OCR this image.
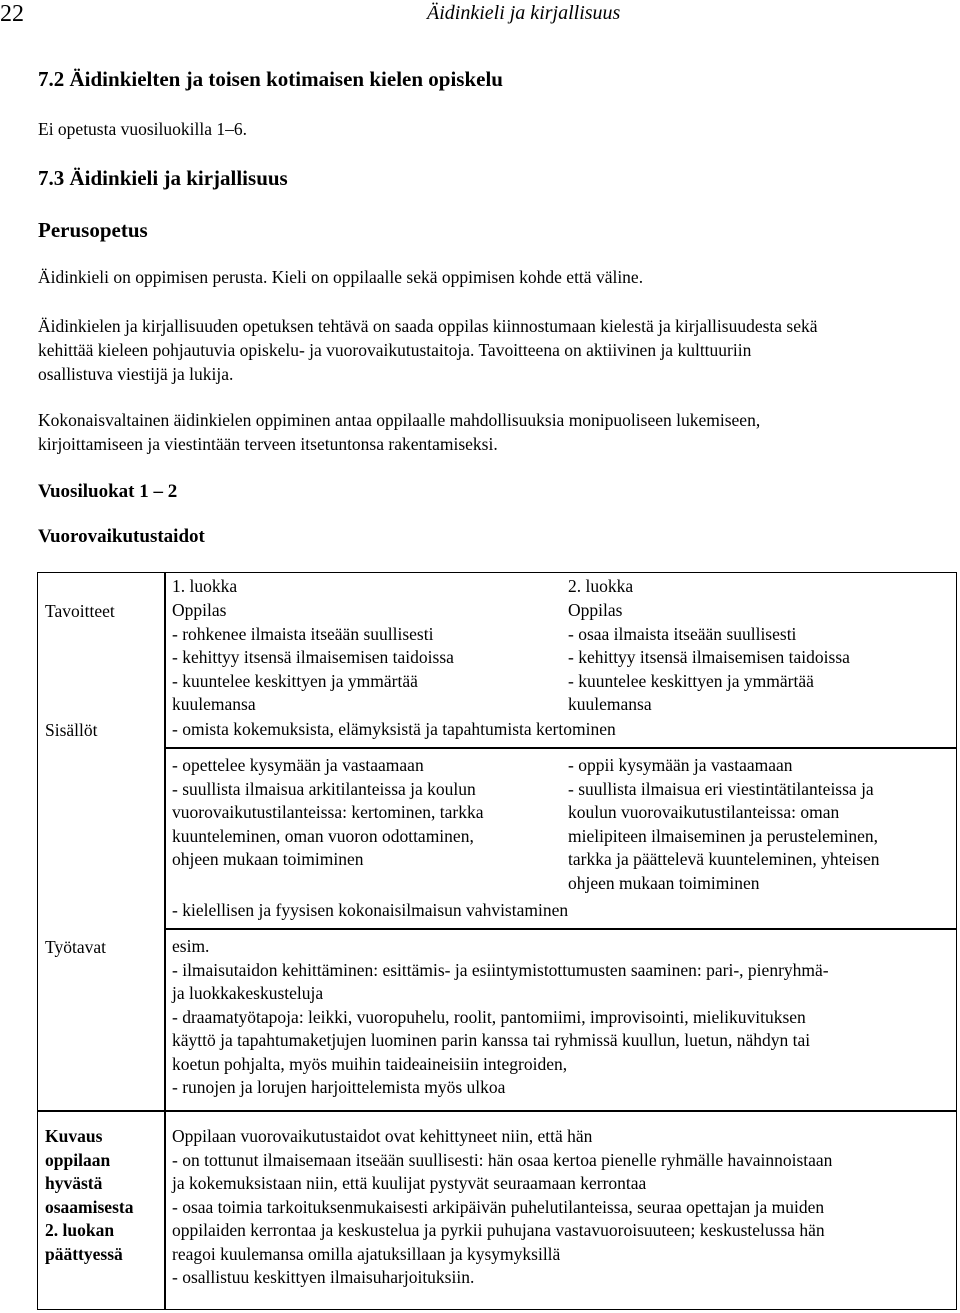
22	Äidinkieli ja kirjallisuus
7.2 Äidinkielten ja toisen kotimaisen kielen opiskelu
Ei opetusta vuosiluokilla 1–6.
7.3 Äidinkieli ja kirjallisuus
Perusopetus
Äidinkieli on oppimisen perusta. Kieli on oppilaalle sekä oppimisen kohde että väline.
Äidinkielen ja kirjallisuuden opetuksen tehtävä on saada oppilas kiinnostumaan kielestä ja kirjallisuudesta sekä
kehittää kieleen pohjautuvia opiskelu- ja vuorovaikutustaitoja. Tavoitteena on aktiivinen ja kulttuuriin
osallistuva viestijä ja lukija.
Kokonaisvaltainen äidinkielen oppiminen antaa oppilaalle mahdollisuuksia monipuoliseen lukemiseen,
kirjoittamiseen ja viestintään terveen itsetuntonsa rakentamiseksi.
Vuosiluokat 1 – 2
Vuorovaikutustaidot
1. luokka	2. luokka
Tavoitteet
Sisällöt
Työtavat
Kuvaus
oppilaan
hyvästä
osaamisesta
2. luokan
päättyessä
Oppilas
- rohkenee ilmaista itseään suullisesti
- kehittyy itsensä ilmaisemisen taidoissa
- kuuntelee keskittyen ja ymmärtää
kuulemansa
Oppilas
- osaa ilmaista itseään suullisesti
- kehittyy itsensä ilmaisemisen taidoissa
- kuuntelee keskittyen ja ymmärtää
kuulemansa
- omista kokemuksista, elämyksistä ja tapahtumista kertominen
- opettelee kysymään ja vastaamaan
- suullista ilmaisua arkitilanteissa ja koulun
vuorovaikutustilanteissa: kertominen, tarkka
kuunteleminen, oman vuoron odottaminen,
ohjeen mukaan toimiminen
- oppii kysymään ja vastaamaan
- suullista ilmaisua eri viestintätilanteissa ja
koulun vuorovaikutustilanteissa: oman
mielipiteen ilmaiseminen ja perusteleminen,
tarkka ja päättelevä kuunteleminen, yhteisen
ohjeen mukaan toimiminen
- kielellisen ja fyysisen kokonaisilmaisun vahvistaminen
esim.
- ilmaisutaidon kehittäminen: esittämis- ja esiintymistottumusten saaminen: pari-, pienryhmä-
ja luokkakeskusteluja
- draamatyötapoja: leikki, vuoropuhelu, roolit, pantomiimi, improvisointi, mielikuvituksen
käyttö ja tapahtumaketjujen luominen parin kanssa tai ryhmissä kuullun, luetun, nähdyn tai
koetun pohjalta, myös muihin taideaineisiin integroiden,
- runojen ja lorujen harjoittelemista myös ulkoa
Oppilaan vuorovaikutustaidot ovat kehittyneet niin, että hän
- on tottunut ilmaisemaan itseään suullisesti: hän osaa kertoa pienelle ryhmälle havainnoistaan
ja kokemuksistaan niin, että kuulijat pystyvät seuraamaan kerrontaa
- osaa toimia tarkoituksenmukaisesti arkipäivän puhelutilanteissa, seuraa opettajan ja muiden
oppilaiden kerrontaa ja keskustelua ja pyrkii puhujana vastavuoroisuuteen; keskustelussa hän
reagoi kuulemansa omilla ajatuksillaan ja kysymyksillä
- osallistuu keskittyen ilmaisuharjoituksiin.
